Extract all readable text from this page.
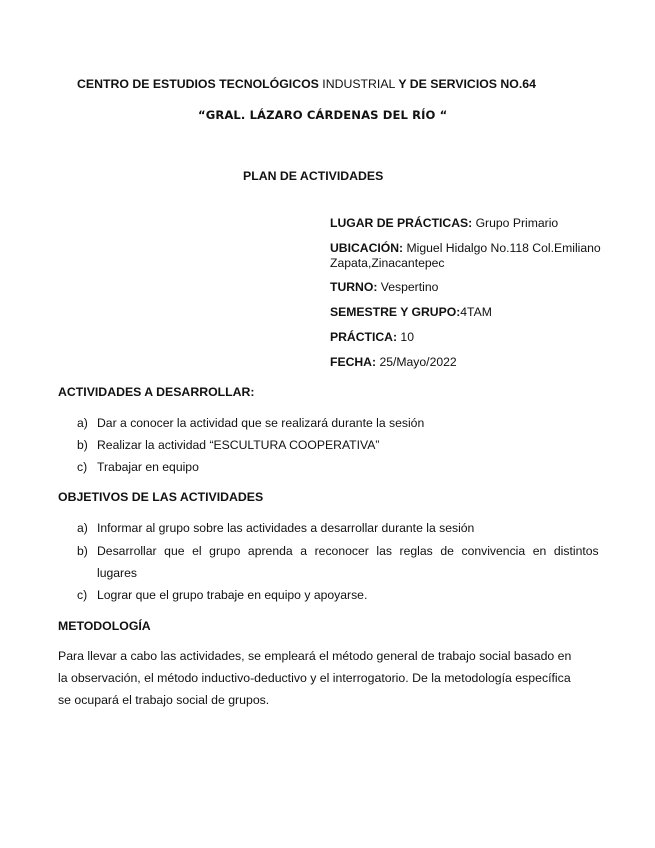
CENTRO DE ESTUDIOS TECNOLÓGICOS INDUSTRIAL Y DE SERVICIOS NO.64
“GRAL. LÁZARO CÁRDENAS DEL RÍO “
PLAN DE ACTIVIDADES
LUGAR DE PRÁCTICAS: Grupo Primario
UBICACIÓN: Miguel Hidalgo No.118 Col.Emiliano Zapata,Zinacantepec
TURNO: Vespertino
SEMESTRE Y GRUPO:4TAM
PRÁCTICA: 10
FECHA: 25/Mayo/2022
ACTIVIDADES A DESARROLLAR:
a) Dar a conocer la actividad que se realizará durante la sesión
b) Realizar la actividad “ESCULTURA COOPERATIVA”
c) Trabajar en equipo
OBJETIVOS DE LAS ACTIVIDADES
a) Informar al grupo sobre las actividades a desarrollar durante la sesión
b) Desarrollar que el grupo aprenda a reconocer las reglas de convivencia en distintos
lugares
c) Lograr que el grupo trabaje en equipo y apoyarse.
METODOLOGÍA
Para llevar a cabo las actividades, se empleará el método general de trabajo social basado en
la observación, el método inductivo-deductivo y el interrogatorio. De la metodología específica
se ocupará el trabajo social de grupos.
